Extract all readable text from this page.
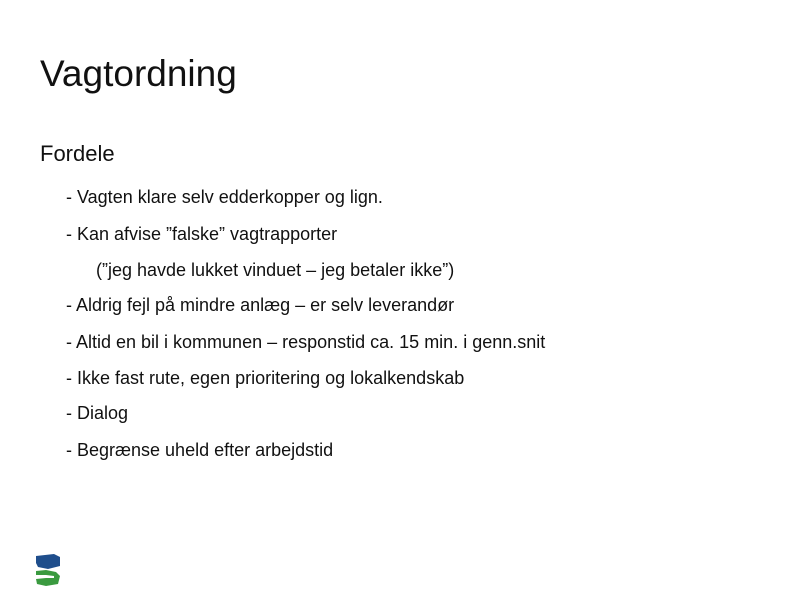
Vagtordning

Fordele

- Vagten klare selv edderkopper og lign.
- Kan afvise ”falske” vagtrapporter
(”jeg havde lukket vinduet – jeg betaler ikke”)
- Aldrig fejl på mindre anlæg – er selv leverandør
- Altid en bil i kommunen – responstid ca. 15 min. i genn.snit
- Ikke fast rute, egen prioritering og lokalkendskab
- Dialog
- Begrænse uheld efter arbejdstid
